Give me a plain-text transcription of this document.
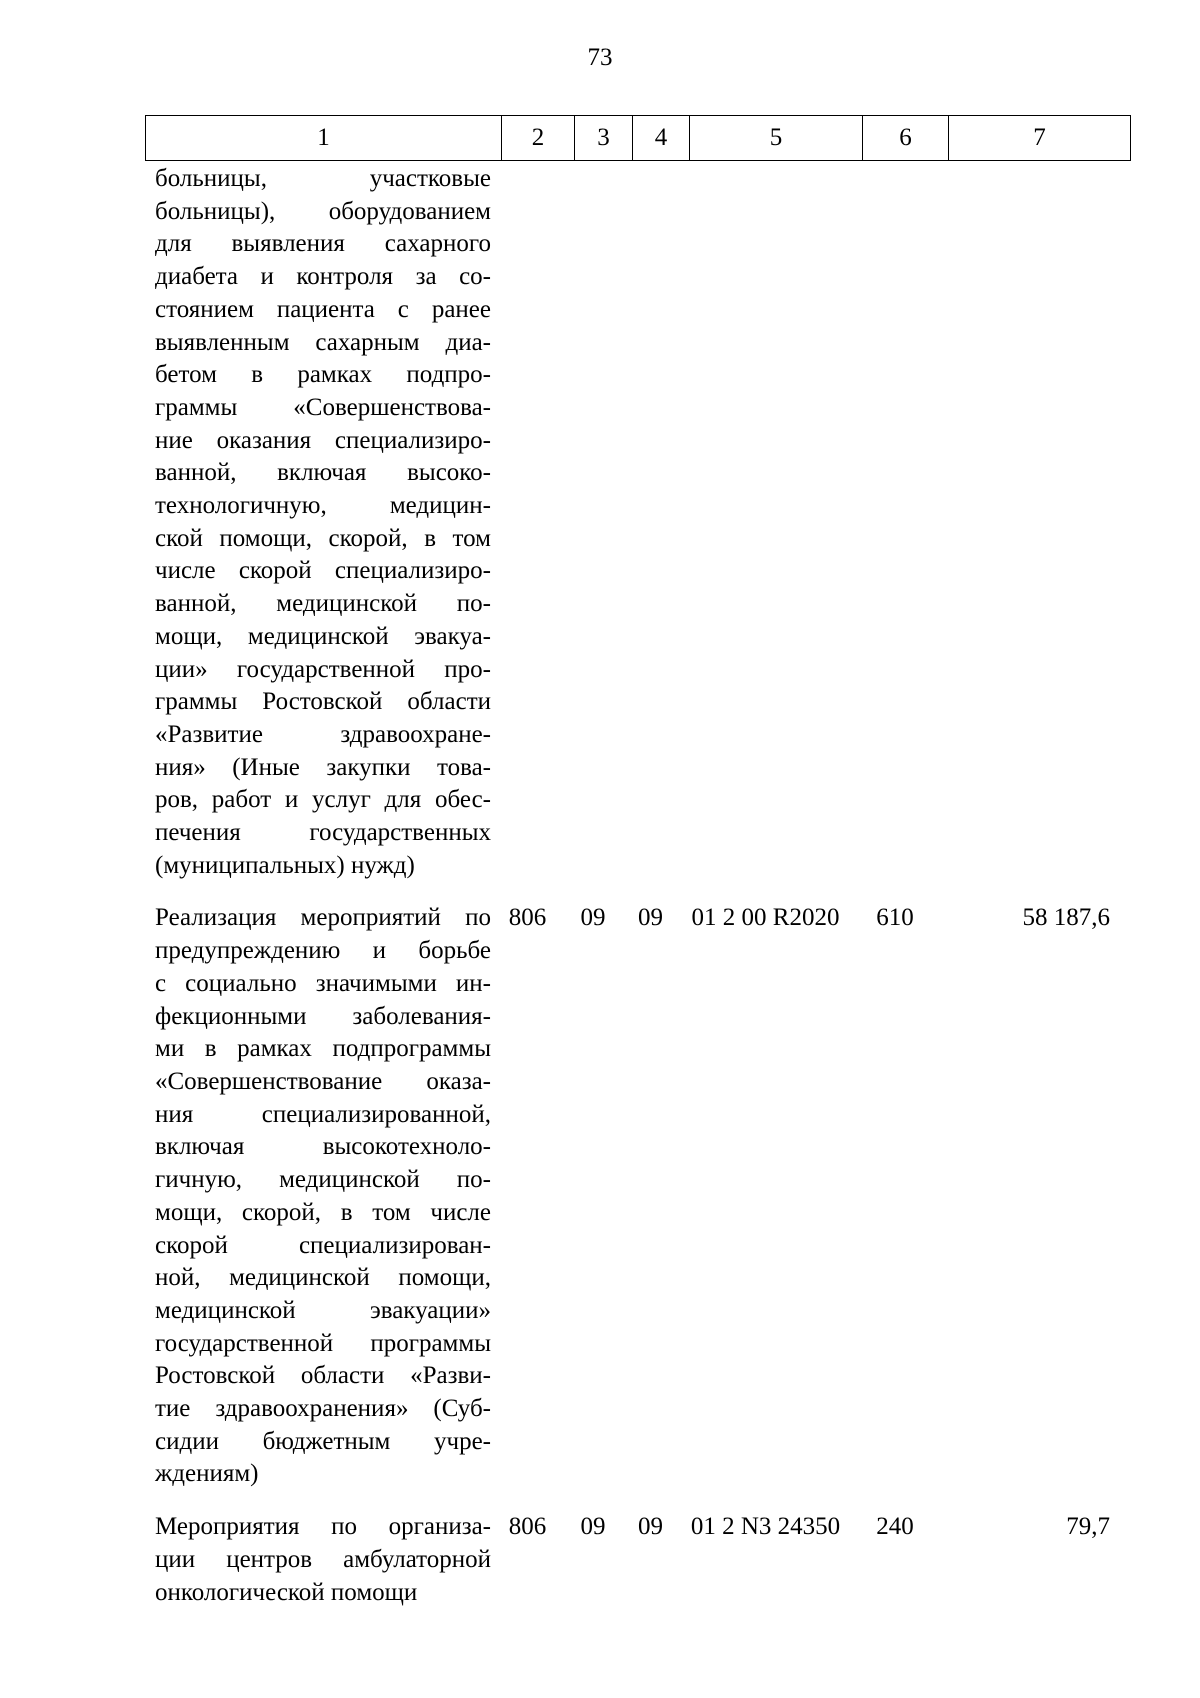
73
1	2	3	4	5	6	7
больницы, участковые
больницы), оборудованием
для выявления сахарного
диабета и контроля за со-
стоянием пациента с ранее
выявленным сахарным диа-
бетом в рамках подпро-
граммы «Совершенствова-
ние оказания специализиро-
ванной, включая высоко-
технологичную, медицин-
ской помощи, скорой, в том
числе скорой специализиро-
ванной, медицинской по-
мощи, медицинской эвакуа-
ции» государственной про-
граммы Ростовской области
«Развитие здравоохране-
ния» (Иные закупки това-
ров, работ и услуг для обес-
печения государственных
(муниципальных) нужд)
Реализация мероприятий по
предупреждению и борьбе
с социально значимыми ин-
фекционными заболевания-
ми в рамках подпрограммы
«Совершенствование оказа-
ния специализированной,
включая высокотехноло-
гичную, медицинской по-
мощи, скорой, в том числе
скорой специализирован-
ной, медицинской помощи,
медицинской эвакуации»
государственной программы
Ростовской области «Разви-
тие здравоохранения» (Суб-
сидии бюджетным учре-
ждениям)
806	09	09	01 2 00 R2020	610	58 187,6
Мероприятия по организа-
ции центров амбулаторной
онкологической помощи
806	09	09	01 2 N3 24350	240	79,7
